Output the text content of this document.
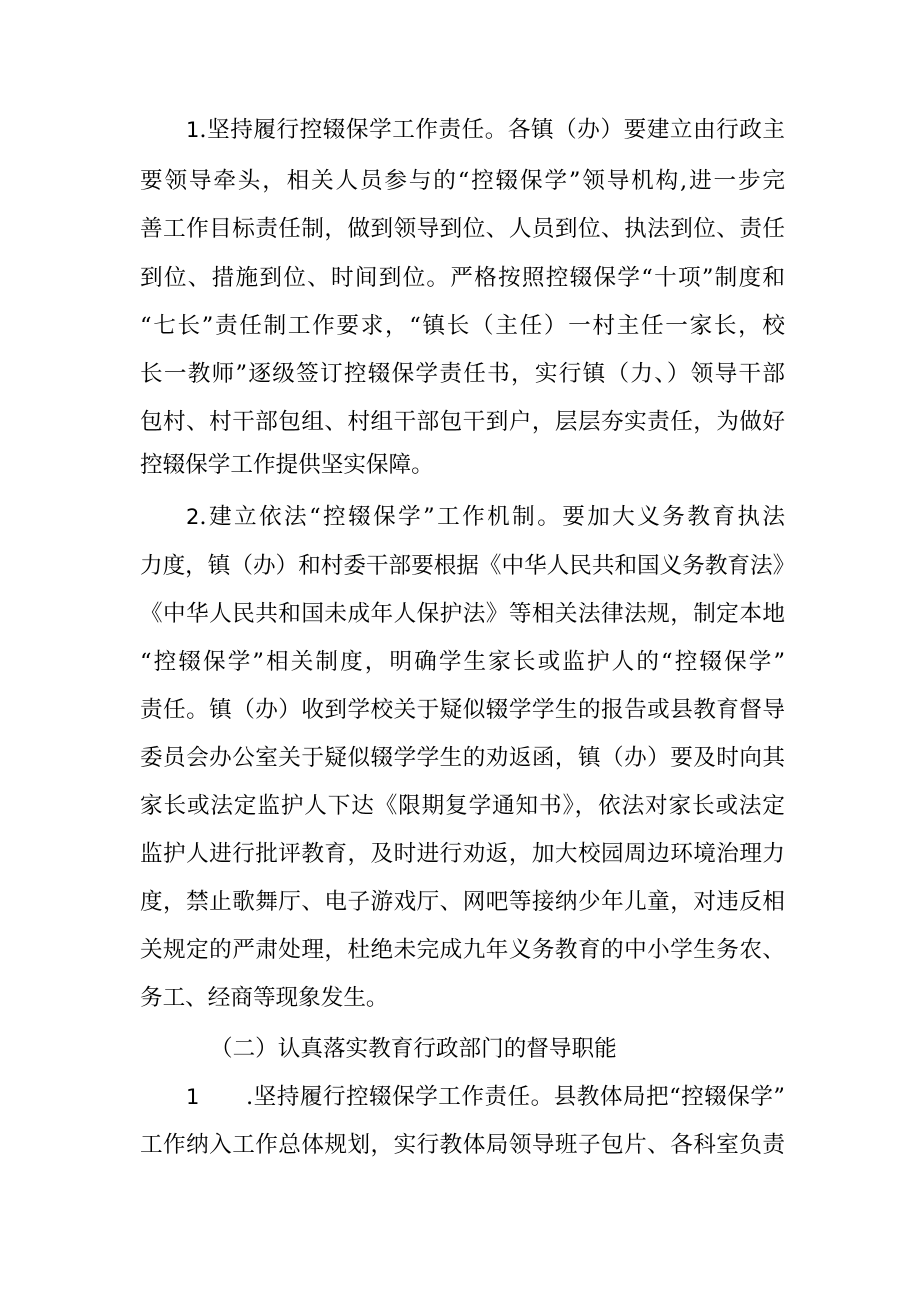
1.坚持履行控辍保学工作责任。各镇（办）要建立由行政主
要领导牵头，相关人员参与的“控辍保学”领导机构,进一步完
善工作目标责任制，做到领导到位、人员到位、执法到位、责任
到位、措施到位、时间到位。严格按照控辍保学“十项”制度和
“七长”责任制工作要求，“镇长（主任）一村主任一家长，校
长一教师”逐级签订控辍保学责任书，实行镇（力、）领导干部
包村、村干部包组、村组干部包干到户，层层夯实责任，为做好
控辍保学工作提供坚实保障。
2.建立依法“控辍保学”工作机制。要加大义务教育执法
力度，镇（办）和村委干部要根据《中华人民共和国义务教育法》
《中华人民共和国未成年人保护法》等相关法律法规，制定本地
“控辍保学”相关制度，明确学生家长或监护人的“控辍保学”
责任。镇（办）收到学校关于疑似辍学学生的报告或县教育督导
委员会办公室关于疑似辍学学生的劝返函，镇（办）要及时向其
家长或法定监护人下达《限期复学通知书》，依法对家长或法定
监护人进行批评教育，及时进行劝返，加大校园周边环境治理力
度，禁止歌舞厅、电子游戏厅、网吧等接纳少年儿童，对违反相
关规定的严肃处理，杜绝未完成九年义务教育的中小学生务农、
务工、经商等现象发生。
（二）认真落实教育行政部门的督导职能
1 .坚持履行控辍保学工作责任。县教体局把“控辍保学”
工作纳入工作总体规划，实行教体局领导班子包片、各科室负责
